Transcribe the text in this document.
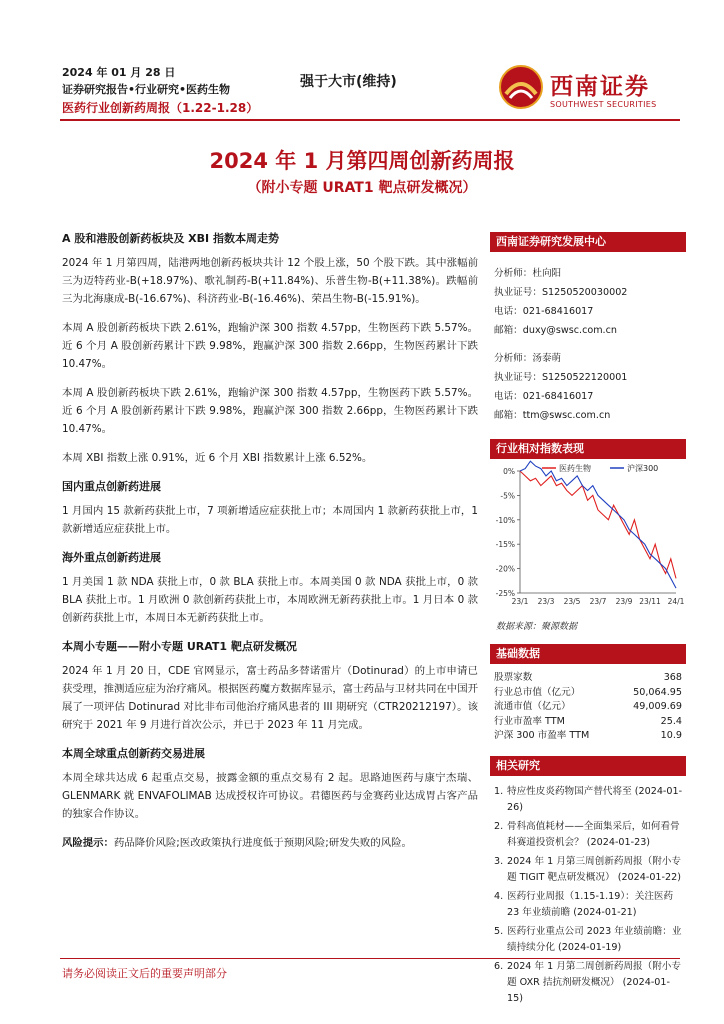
2024 年 01 月 28 日
证券研究报告•行业研究•医药生物
医药行业创新药周报（1.22-1.28）
强于大市(维持)	西南证券
SOUTHWEST SECURITIES
2024 年 1 月第四周创新药周报
（附小专题 URAT1 靶点研发概况）
A 股和港股创新药板块及 XBI 指数本周走势

2024 年 1 月第四周，陆港两地创新药板块共计 12 个股上涨，50 个股下跌。其中涨幅前三为迈特药业-B(+18.97%)、歌礼制药-B(+11.84%)、乐普生物-B(+11.38%)。跌幅前三为北海康成-B(-16.67%)、科济药业-B(-16.46%)、荣昌生物-B(-15.91%)。

本周 A 股创新药板块下跌 2.61%，跑输沪深 300 指数 4.57pp，生物医药下跌 5.57%。近 6 个月 A 股创新药累计下跌 9.98%，跑赢沪深 300 指数 2.66pp，生物医药累计下跌 10.47%。

本周 A 股创新药板块下跌 2.61%，跑输沪深 300 指数 4.57pp，生物医药下跌 5.57%。近 6 个月 A 股创新药累计下跌 9.98%，跑赢沪深 300 指数 2.66pp，生物医药累计下跌 10.47%。

本周 XBI 指数上涨 0.91%，近 6 个月 XBI 指数累计上涨 6.52%。

国内重点创新药进展

1 月国内 15 款新药获批上市，7 项新增适应症获批上市；本周国内 1 款新药获批上市，1 款新增适应症获批上市。

海外重点创新药进展

1 月美国 1 款 NDA 获批上市，0 款 BLA 获批上市。本周美国 0 款 NDA 获批上市，0 款 BLA 获批上市。1 月欧洲 0 款创新药获批上市，本周欧洲无新药获批上市。1 月日本 0 款创新药获批上市，本周日本无新药获批上市。

本周小专题——附小专题 URAT1 靶点研发概况

2024 年 1 月 20 日，CDE 官网显示，富士药品多替诺雷片（Dotinurad）的上市申请已获受理，推测适应症为治疗痛风。根据医药魔方数据库显示，富士药品与卫材共同在中国开展了一项评估 Dotinurad 对比非布司他治疗痛风患者的 III 期研究（CTR20212197）。该研究于 2021 年 9 月进行首次公示，并已于 2023 年 11 月完成。

本周全球重点创新药交易进展

本周全球共达成 6 起重点交易，披露金额的重点交易有 2 起。思路迪医药与康宁杰瑞、GLENMARK 就 ENVAFOLIMAB 达成授权许可协议。君德医药与金赛药业达成胃占客产品的独家合作协议。

风险提示：药品降价风险;医改政策执行进度低于预期风险;研发失败的风险。

西南证券研究发展中心
分析师：杜向阳
执业证号：S1250520030002
电话：021-68416017
邮箱：duxy@swsc.com.cn
分析师：汤泰萌
执业证号：S1250522120001
电话：021-68416017
邮箱：ttm@swsc.com.cn
行业相对指数表现
0%
-5%
-10%
-15%
-20%
-25%
23/1 23/3 23/5 23/7 23/9 23/11 24/1
医药生物	沪深300
数据来源：聚源数据
基础数据
股票家数	368
行业总市值（亿元）	50,064.95
流通市值（亿元）	49,009.69
行业市盈率 TTM	25.4
沪深 300 市盈率 TTM	10.9
相关研究
1. 特应性皮炎药物国产替代将至 (2024-01-26)
2. 骨科高值耗材——全面集采后，如何看骨科赛道投资机会？ (2024-01-23)
3. 2024 年 1 月第三周创新药周报（附小专题 TIGIT 靶点研发概况） (2024-01-22)
4. 医药行业周报（1.15-1.19）：关注医药 23 年业绩前瞻 (2024-01-21)
5. 医药行业重点公司 2023 年业绩前瞻：业绩持续分化 (2024-01-19)
6. 2024 年 1 月第二周创新药周报（附小专题 OXR 拮抗剂研发概况） (2024-01-15)
请务必阅读正文后的重要声明部分
